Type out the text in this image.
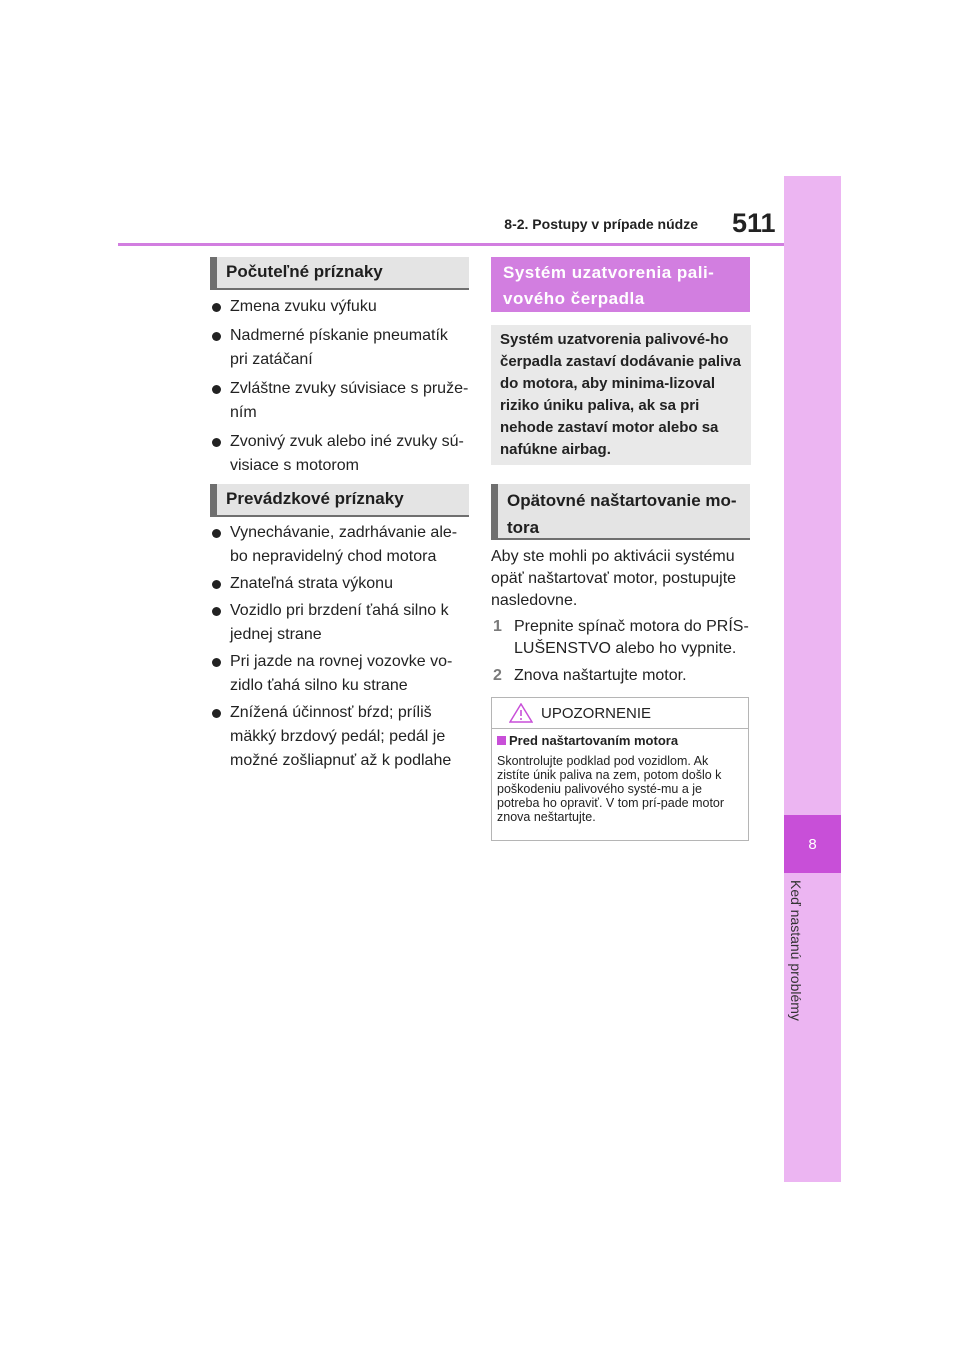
8
Keď nastanú problémy
8-2. Postupy v prípade núdze 511
Počuteľné príznaky
Zmena zvuku výfuku
Nadmerné pískanie pneumatík pri zatáčaní
Zvláštne zvuky súvisiace s pruže-ním
Zvonivý zvuk alebo iné zvuky sú-visiace s motorom
Prevádzkové príznaky
Vynechávanie, zadrhávanie ale-bo nepravidelný chod motora
Znateľná strata výkonu
Vozidlo pri brzdení ťahá silno k jednej strane
Pri jazde na rovnej vozovke vo-zidlo ťahá silno ku strane
Znížená účinnosť bŕzd; príliš mäkký brzdový pedál; pedál je možné zošliapnuť až k podlahe
Systém uzatvorenia pali-vového čerpadla
Systém uzatvorenia palivové-ho čerpadla zastaví dodávanie paliva do motora, aby minima-lizoval riziko úniku paliva, ak sa pri nehode zastaví motor alebo sa nafúkne airbag.
Opätovné naštartovanie mo-tora
Aby ste mohli po aktivácii systému opäť naštartovať motor, postupujte nasledovne.
1 Prepnite spínač motora do PRÍS-LUŠENSTVO alebo ho vypnite.
2 Znova naštartujte motor.
UPOZORNENIE
Pred naštartovaním motora
Skontrolujte podklad pod vozidlom. Ak zistíte únik paliva na zem, potom došlo k poškodeniu palivového systé-mu a je potreba ho opraviť. V tom prí-pade motor znova neštartujte.
